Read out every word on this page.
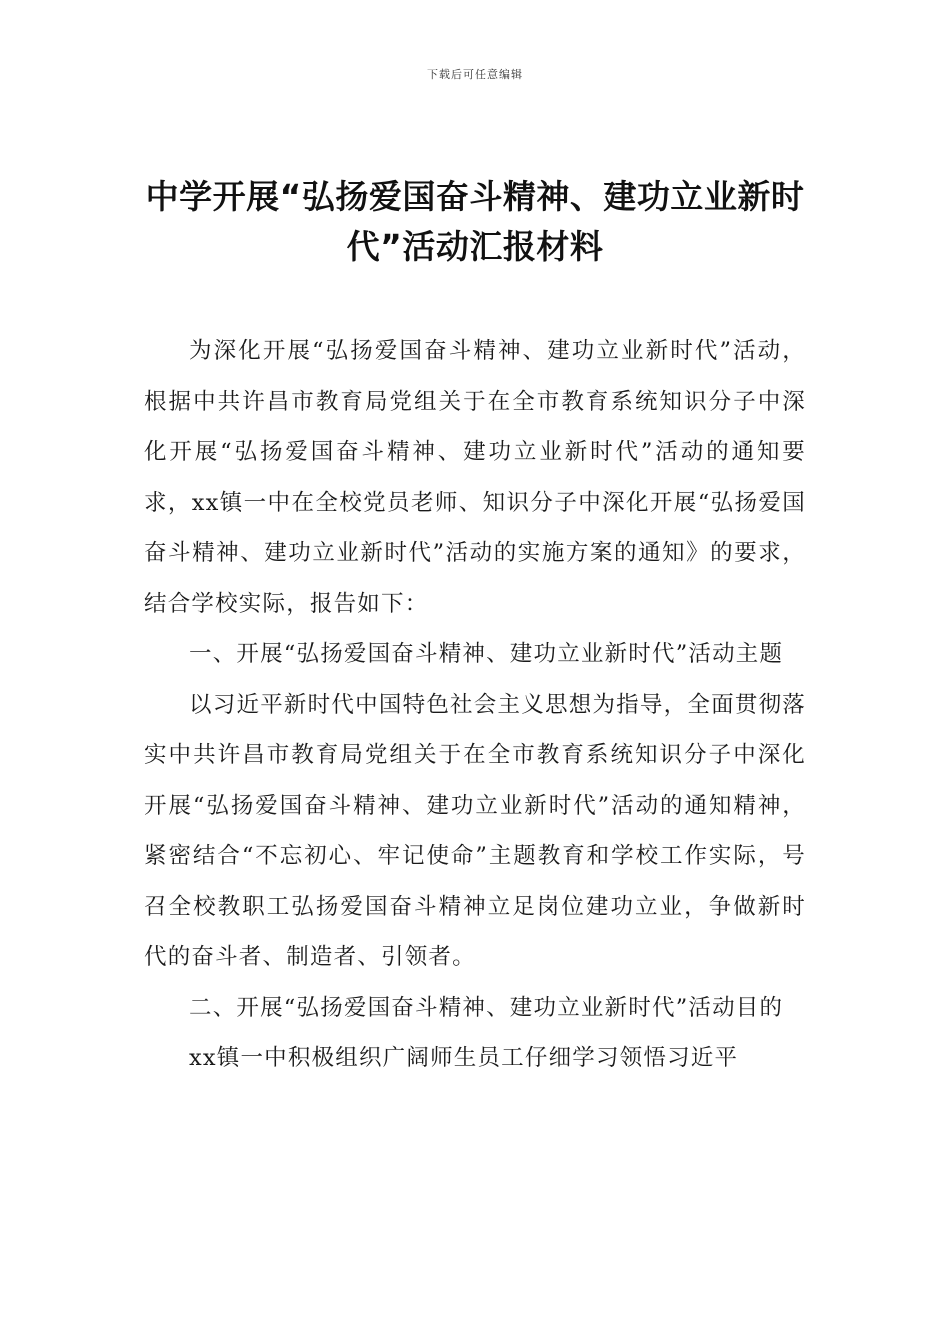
下载后可任意编辑
中学开展“弘扬爱国奋斗精神、建功立业新时代”活动汇报材料

为深化开展“弘扬爱国奋斗精神、建功立业新时代”活动，根据中共许昌市教育局党组关于在全市教育系统知识分子中深化开展“弘扬爱国奋斗精神、建功立业新时代”活动的通知要求，xx镇一中在全校党员老师、知识分子中深化开展“弘扬爱国奋斗精神、建功立业新时代”活动的实施方案的通知》的要求，结合学校实际，报告如下：

一、开展“弘扬爱国奋斗精神、建功立业新时代”活动主题

以习近平新时代中国特色社会主义思想为指导，全面贯彻落实中共许昌市教育局党组关于在全市教育系统知识分子中深化开展“弘扬爱国奋斗精神、建功立业新时代”活动的通知精神，紧密结合“不忘初心、牢记使命”主题教育和学校工作实际，号召全校教职工弘扬爱国奋斗精神立足岗位建功立业，争做新时代的奋斗者、制造者、引领者。

二、开展“弘扬爱国奋斗精神、建功立业新时代”活动目的

xx镇一中积极组织广阔师生员工仔细学习领悟习近平
